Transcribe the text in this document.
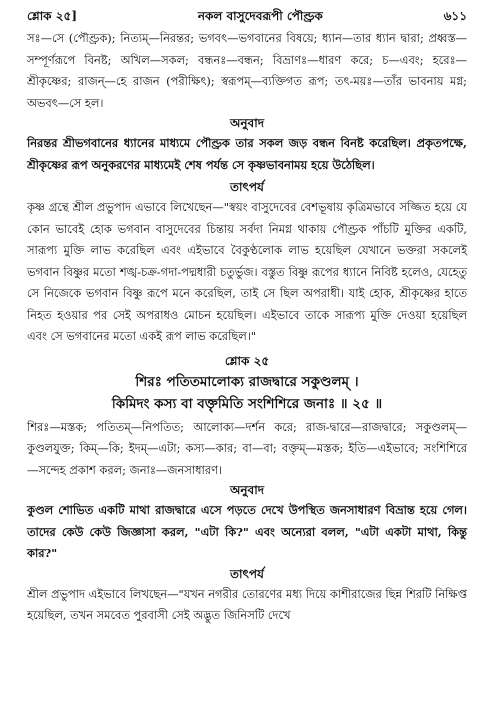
শ্লোক ২৫]	নকল বাসুদেবরূপী পৌণ্ড্রক	৬১১

সঃ—সে (পৌণ্ড্রক); নিত্যম্—নিরন্তর; ভগবৎ—ভগবানের বিষয়ে; ধ্যান—তার ধ্যান দ্বারা; প্রধ্বস্ত—সম্পূর্ণরূপে বিনষ্ট; অখিল—সকল; বন্ধনঃ—বন্ধন; বিভ্রাণঃ—ধারণ করে; চ—এবং; হরেঃ—শ্রীকৃষ্ণের; রাজন্—হে রাজন (পরীক্ষিৎ); স্বরূপম্—ব্যক্তিগত রূপ; তৎ-ময়ঃ—তাঁর ভাবনায় মগ্ন; অভবৎ—সে হল।

অনুবাদ

নিরন্তর শ্রীভগবানের ধ্যানের মাধ্যমে পৌণ্ড্রক তার সকল জড় বন্ধন বিনষ্ট করেছিল। প্রকৃতপক্ষে, শ্রীকৃষ্ণের রূপ অনুকরণের মাধ্যমেই শেষ পর্যন্ত সে কৃষ্ণভাবনাময় হয়ে উঠেছিল।

তাৎপর্য

কৃষ্ণ গ্রন্থে শ্রীল প্রভুপাদ এভাবে লিখেছেন—"স্বয়ং বাসুদেবের বেশভূষায় কৃত্রিমভাবে সজ্জিত হয়ে যে কোন ভাবেই হোক ভগবান বাসুদেবের চিন্তায় সর্বদা নিমগ্ন থাকায় পৌণ্ড্রক পাঁচটি মুক্তির একটি, সারূপ্য মুক্তি লাভ করেছিল এবং এইভাবে বৈকুণ্ঠলোক লাভ হয়েছিল যেখানে ভক্তরা সকলেই ভগবান বিষ্ণুর মতো শঙ্খ-চক্র-গদা-পদ্মধারী চতুর্ভুজ। বস্তুত বিষ্ণু রূপের ধ্যানে নিবিষ্ট হলেও, যেহেতু সে নিজেকে ভগবান বিষ্ণু রূপে মনে করেছিল, তাই সে ছিল অপরাধী। যাই হোক, শ্রীকৃষ্ণের হাতে নিহত হওয়ার পর সেই অপরাধও মোচন হয়েছিল। এইভাবে তাকে সারূপ্য মুক্তি দেওয়া হয়েছিল এবং সে ভগবানের মতো একই রূপ লাভ করেছিল।"

শ্লোক ২৫
শিরঃ পতিতমালোক্য রাজদ্বারে সকুণ্ডলম্ ।
কিমিদং কস্য বা বক্তৃমিতি সংশিশিরে জনাঃ ॥ ২৫ ॥

শিরঃ—মস্তক; পতিতম্—নিপতিত; আলোক্য—দর্শন করে; রাজ-দ্বারে—রাজদ্বারে; সকুণ্ডলম্—কুণ্ডলযুক্ত; কিম্—কি; ইদম্—এটা; কস্য—কার; বা—বা; বক্তৃম্—মস্তক; ইতি—এইভাবে; সংশিশিরে—সন্দেহ প্রকাশ করল; জনাঃ—জনসাধারণ।

অনুবাদ

কুণ্ডল শোভিত একটি মাথা রাজদ্বারে এসে পড়তে দেখে উপস্থিত জনসাধারণ বিভ্রান্ত হয়ে গেল। তাদের কেউ কেউ জিজ্ঞাসা করল, "এটা কি?" এবং অন্যেরা বলল, "এটা একটা মাথা, কিন্তু কার?"

তাৎপর্য

শ্রীল প্রভুপাদ এইভাবে লিখছেন—"যখন নগরীর তোরণের মধ্য দিয়ে কাশীরাজের ছিন্ন শিরটি নিক্ষিপ্ত হয়েছিল, তখন সমবেত পুরবাসী সেই অদ্ভুত জিনিসটি দেখে
